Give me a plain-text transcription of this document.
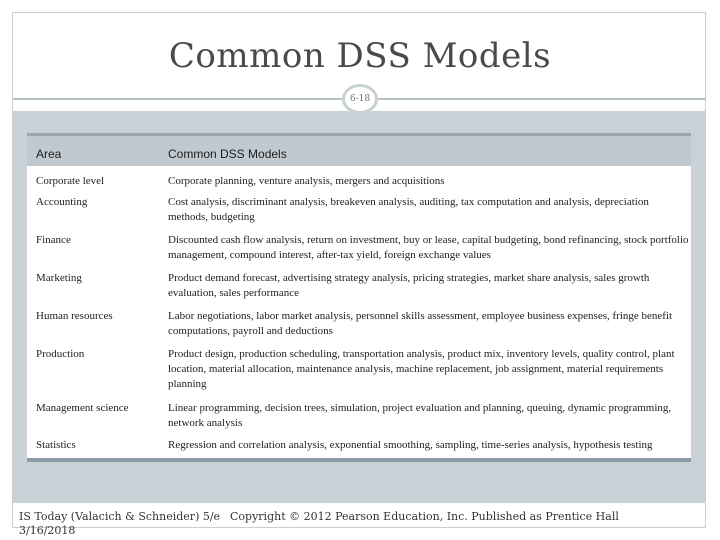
Common DSS Models
6-18
Area	Common DSS Models
Corporate level	Corporate planning, venture analysis, mergers and acquisitions
Accounting	Cost analysis, discriminant analysis, breakeven analysis, auditing, tax computation and analysis, depreciation methods, budgeting
Finance	Discounted cash flow analysis, return on investment, buy or lease, capital budgeting, bond refinancing, stock portfolio management, compound interest, after-tax yield, foreign exchange values
Marketing	Product demand forecast, advertising strategy analysis, pricing strategies, market share analysis, sales growth evaluation, sales performance
Human resources	Labor negotiations, labor market analysis, personnel skills assessment, employee business expenses, fringe benefit computations, payroll and deductions
Production	Product design, production scheduling, transportation analysis, product mix, inventory levels, quality control, plant location, material allocation, maintenance analysis, machine replacement, job assignment, material requirements planning
Management science	Linear programming, decision trees, simulation, project evaluation and planning, queuing, dynamic programming, network analysis
Statistics	Regression and correlation analysis, exponential smoothing, sampling, time-series analysis, hypothesis testing
IS Today (Valacich & Schneider) 5/e
3/16/2018
Copyright © 2012 Pearson Education, Inc. Published as Prentice Hall
